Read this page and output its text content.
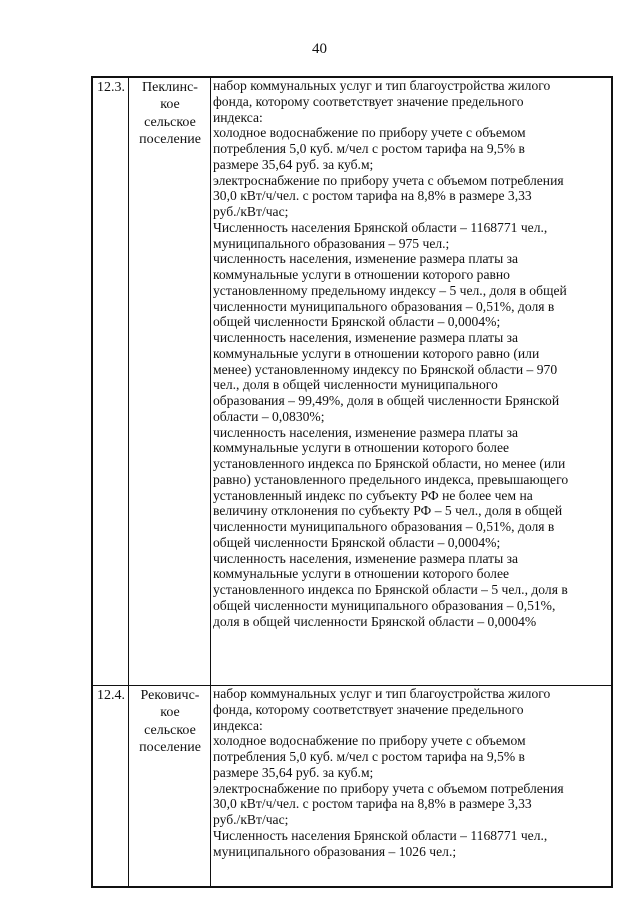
40
12.3.	Пеклинс-
кое
сельское
поселение
набор коммунальных услуг и тип благоустройства жилого
фонда, которому соответствует значение предельного
индекса:
холодное водоснабжение по прибору учете с объемом
потребления 5,0 куб. м/чел с ростом тарифа на 9,5% в
размере 35,64 руб. за куб.м;
электроснабжение по прибору учета с объемом потребления
30,0 кВт/ч/чел. с ростом тарифа на 8,8% в размере 3,33
руб./кВт/час;
Численность населения Брянской области – 1168771 чел.,
муниципального образования – 975 чел.;
численность населения, изменение размера платы за
коммунальные услуги в отношении которого равно
установленному предельному индексу – 5 чел., доля в общей
численности муниципального образования – 0,51%, доля в
общей численности Брянской области – 0,0004%;
численность населения, изменение размера платы за
коммунальные услуги в отношении которого равно (или
менее) установленному индексу по Брянской области – 970
чел., доля в общей численности муниципального
образования – 99,49%, доля в общей численности Брянской
области – 0,0830%;
численность населения, изменение размера платы за
коммунальные услуги в отношении которого более
установленного индекса по Брянской области, но менее (или
равно) установленного предельного индекса, превышающего
установленный индекс по субъекту РФ не более чем на
величину отклонения по субъекту РФ – 5 чел., доля в общей
численности муниципального образования – 0,51%, доля в
общей численности Брянской области – 0,0004%;
численность населения, изменение размера платы за
коммунальные услуги в отношении которого более
установленного индекса по Брянской области – 5 чел., доля в
общей численности муниципального образования – 0,51%,
доля в общей численности Брянской области – 0,0004%
12.4.	Рековичс-
кое
сельское
поселение
набор коммунальных услуг и тип благоустройства жилого
фонда, которому соответствует значение предельного
индекса:
холодное водоснабжение по прибору учете с объемом
потребления 5,0 куб. м/чел с ростом тарифа на 9,5% в
размере 35,64 руб. за куб.м;
электроснабжение по прибору учета с объемом потребления
30,0 кВт/ч/чел. с ростом тарифа на 8,8% в размере 3,33
руб./кВт/час;
Численность населения Брянской области – 1168771 чел.,
муниципального образования – 1026 чел.;
